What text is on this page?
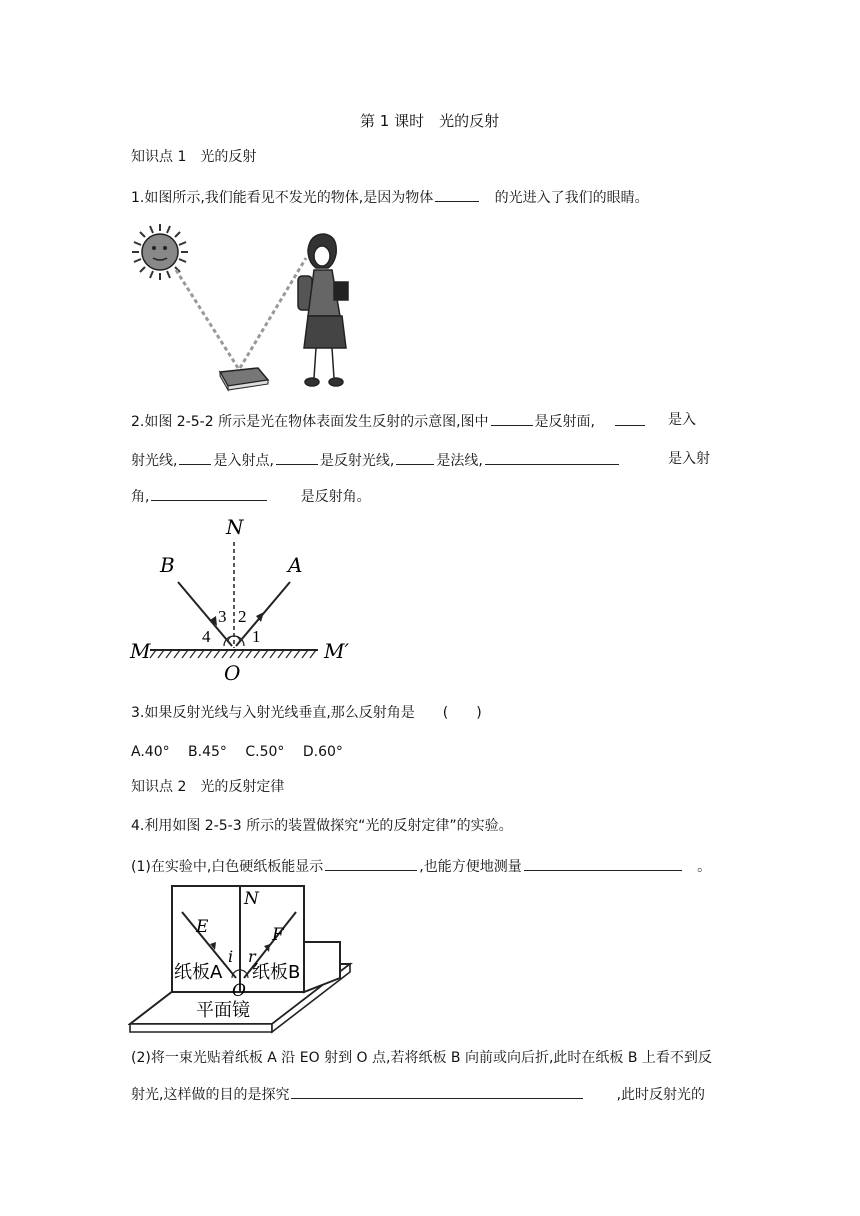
第 1 课时　光的反射
知识点 1　光的反射
1.如图所示,我们能看见不发光的物体,是因为物体	的光进入了我们的眼睛。
2.如图 2-5-2 所示是光在物体表面发生反射的示意图,图中	是反射面,	是入
射光线,	是入射点,	是反射光线,	是法线,	是入射
角,	是反射角。
N
B	A
M	M′
O
3 2
4 1
3.如果反射光线与入射光线垂直,那么反射角是　　(　　)
A.40°　 B.45°　 C.50°　 D.60°
知识点 2　光的反射定律
4.利用如图 2-5-3 所示的装置做探究“光的反射定律”的实验。
(1)在实验中,白色硬纸板能显示	,也能方便地测量	。
N
E	F
i r
O
纸板A 纸板B
平面镜
(2)将一束光贴着纸板 A 沿 EO 射到 O 点,若将纸板 B 向前或向后折,此时在纸板 B 上看不到反
射光,这样做的目的是探究	,此时反射光的
